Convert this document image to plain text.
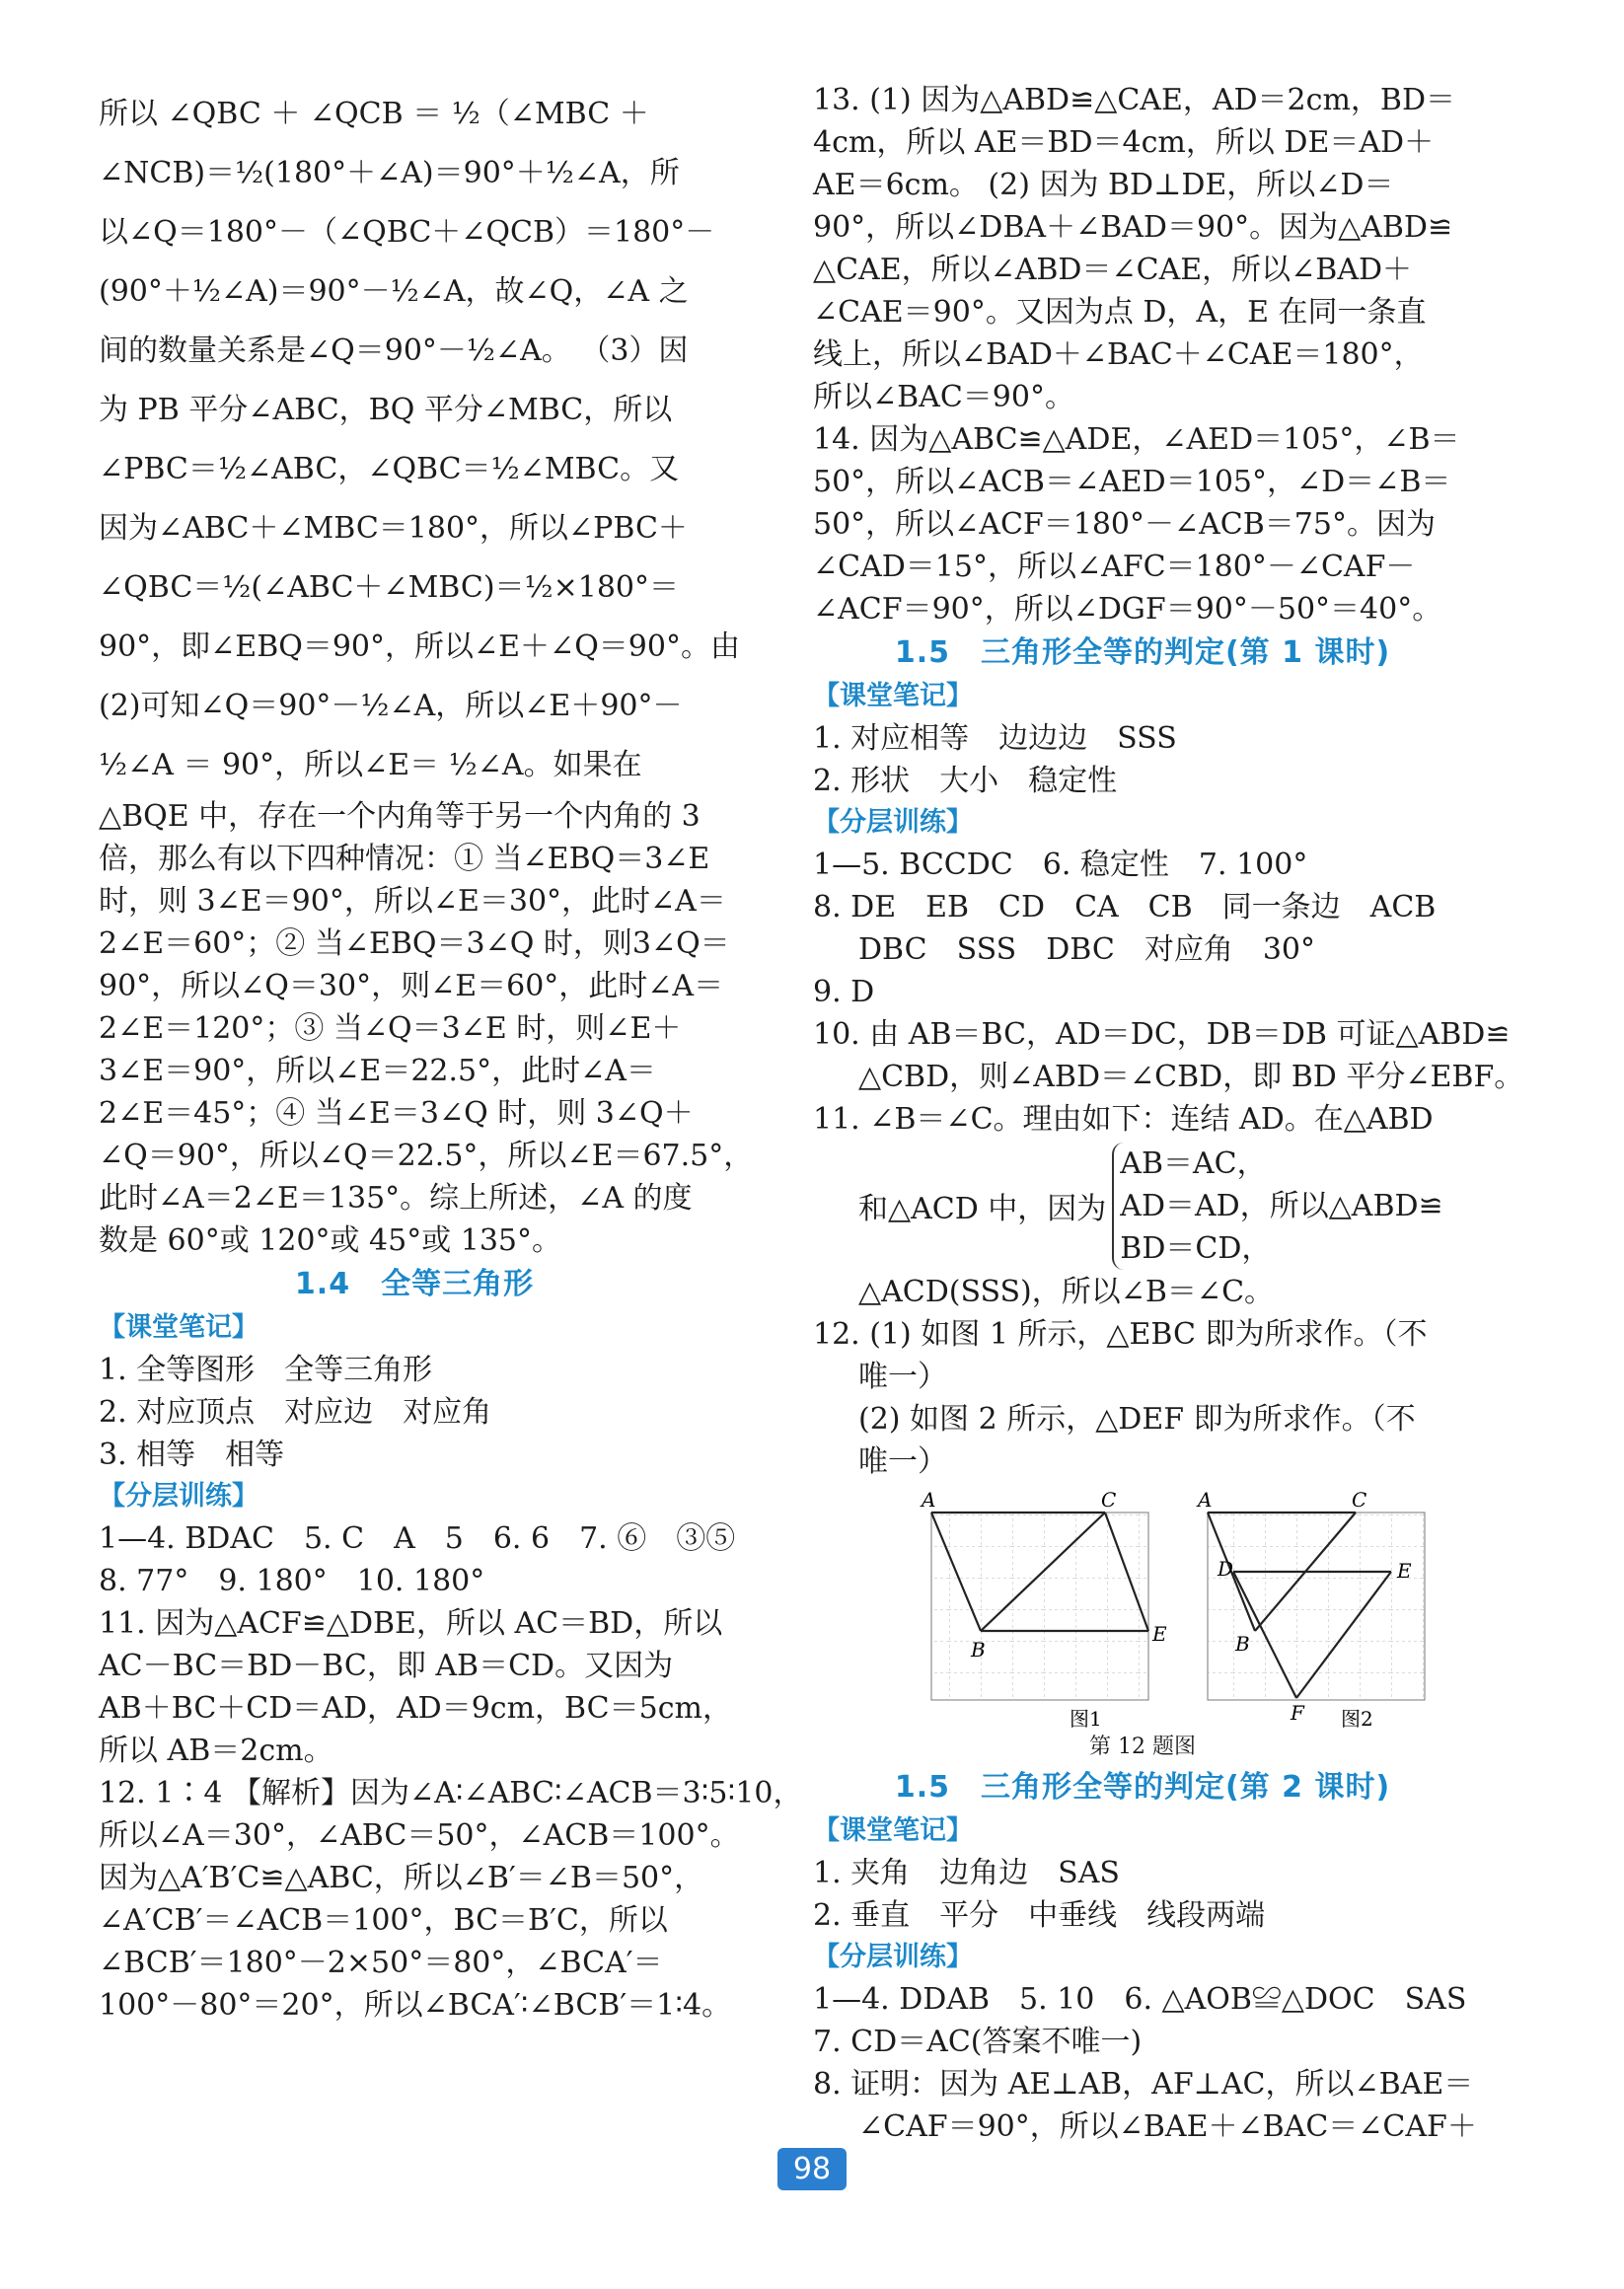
所以 ∠QBC ＋ ∠QCB ＝ ½（∠MBC ＋
∠NCB)＝½(180°＋∠A)＝90°＋½∠A，所
以∠Q＝180°－（∠QBC＋∠QCB）＝180°－
(90°＋½∠A)＝90°－½∠A，故∠Q，∠A 之
间的数量关系是∠Q＝90°－½∠A。 （3）因
为 PB 平分∠ABC，BQ 平分∠MBC，所以
∠PBC＝½∠ABC，∠QBC＝½∠MBC。又
因为∠ABC＋∠MBC＝180°，所以∠PBC＋
∠QBC＝½(∠ABC＋∠MBC)＝½×180°＝
90°，即∠EBQ＝90°，所以∠E＋∠Q＝90°。由
(2)可知∠Q＝90°－½∠A，所以∠E＋90°－
½∠A ＝ 90°，所以∠E＝ ½∠A。如果在
△BQE 中，存在一个内角等于另一个内角的 3
倍，那么有以下四种情况：① 当∠EBQ＝3∠E
时，则 3∠E＝90°，所以∠E＝30°，此时∠A＝
2∠E＝60°；② 当∠EBQ＝3∠Q 时，则3∠Q＝
90°，所以∠Q＝30°，则∠E＝60°，此时∠A＝
2∠E＝120°；③ 当∠Q＝3∠E 时，则∠E＋
3∠E＝90°，所以∠E＝22.5°，此时∠A＝
2∠E＝45°；④ 当∠E＝3∠Q 时，则 3∠Q＋
∠Q＝90°，所以∠Q＝22.5°，所以∠E＝67.5°，
此时∠A＝2∠E＝135°。综上所述，∠A 的度
数是 60°或 120°或 45°或 135°。
1.4　全等三角形
【课堂笔记】
1. 全等图形　全等三角形
2. 对应顶点　对应边　对应角
3. 相等　相等
【分层训练】
1—4. BDAC　5. C　A　5　6. 6　7. ⑥　③⑤
8. 77°　9. 180°　10. 180°
11. 因为△ACF≌△DBE，所以 AC＝BD，所以
AC－BC＝BD－BC，即 AB＝CD。又因为
AB＋BC＋CD＝AD，AD＝9cm，BC＝5cm，
所以 AB＝2cm。
12. 1∶4 【解析】因为∠A∶∠ABC∶∠ACB＝3∶5∶10，
所以∠A＝30°，∠ABC＝50°，∠ACB＝100°。
因为△A′B′C≌△ABC，所以∠B′＝∠B＝50°，
∠A′CB′＝∠ACB＝100°，BC＝B′C，所以
∠BCB′＝180°－2×50°＝80°，∠BCA′＝
100°－80°＝20°，所以∠BCA′∶∠BCB′＝1∶4。
13. (1) 因为△ABD≌△CAE，AD＝2cm，BD＝
4cm，所以 AE＝BD＝4cm，所以 DE＝AD＋
AE＝6cm。 (2) 因为 BD⊥DE，所以∠D＝
90°，所以∠DBA＋∠BAD＝90°。因为△ABD≌
△CAE，所以∠ABD＝∠CAE，所以∠BAD＋
∠CAE＝90°。又因为点 D，A，E 在同一条直
线上，所以∠BAD＋∠BAC＋∠CAE＝180°，
所以∠BAC＝90°。
14. 因为△ABC≌△ADE，∠AED＝105°，∠B＝
50°，所以∠ACB＝∠AED＝105°，∠D＝∠B＝
50°，所以∠ACF＝180°－∠ACB＝75°。因为
∠CAD＝15°，所以∠AFC＝180°－∠CAF－
∠ACF＝90°，所以∠DGF＝90°－50°＝40°。
1.5　三角形全等的判定(第 1 课时)
【课堂笔记】
1. 对应相等　边边边　SSS
2. 形状　大小　稳定性
【分层训练】
1—5. BCCDC　6. 稳定性　7. 100°
8. DE　EB　CD　CA　CB　同一条边　ACB
DBC　SSS　DBC　对应角　30°
9. D
10. 由 AB＝BC，AD＝DC，DB＝DB 可证△ABD≌
△CBD，则∠ABD＝∠CBD，即 BD 平分∠EBF。
11. ∠B＝∠C。理由如下：连结 AD。在△ABD
和△ACD 中，因为
AB＝AC，
AD＝AD，所以△ABD≌
BD＝CD，
△ACD(SSS)，所以∠B＝∠C。
12. (1) 如图 1 所示，△EBC 即为所求作。（不
唯一）
(2) 如图 2 所示，△DEF 即为所求作。（不
唯一）
A	C
B
E
图1
A	C
D	E
B
F 图2
第 12 题图
1.5　三角形全等的判定(第 2 课时)
【课堂笔记】
1. 夹角　边角边　SAS
2. 垂直　平分　中垂线　线段两端
【分层训练】
1—4. DDAB　5. 10　6. △AOB≌△DOC　SAS
7. CD＝AC(答案不唯一)
8. 证明：因为 AE⊥AB，AF⊥AC，所以∠BAE＝
∠CAF＝90°，所以∠BAE＋∠BAC＝∠CAF＋
98
